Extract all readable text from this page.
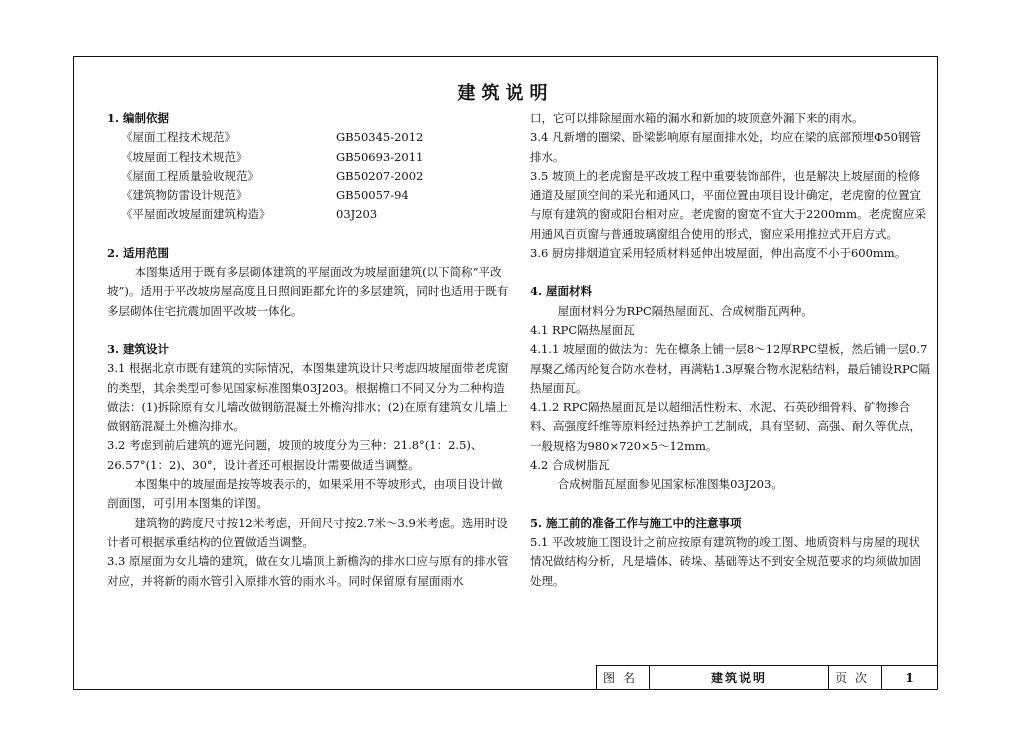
建筑说明

1. 编制依据

《屋面工程技术规范》	GB50345-2012
《坡屋面工程技术规范》	GB50693-2011
《屋面工程质量验收规范》	GB50207-2002
《建筑物防雷设计规范》	GB50057-94
《平屋面改坡屋面建筑构造》	03J203

2. 适用范围

本图集适用于既有多层砌体建筑的平屋面改为坡屋面建筑(以下简称“平改坡”)。适用于平改坡房屋高度且日照间距都允许的多层建筑，同时也适用于既有多层砌体住宅抗震加固平改坡一体化。

3. 建筑设计

3.1 根据北京市既有建筑的实际情况，本图集建筑设计只考虑四坡屋面带老虎窗的类型，其余类型可参见国家标准图集03J203。根据檐口不同又分为二种构造做法：(1)拆除原有女儿墙改做钢筋混凝土外檐沟排水；(2)在原有建筑女儿墙上做钢筋混凝土外檐沟排水。

3.2 考虑到前后建筑的遮光问题，坡顶的坡度分为三种：21.8°(1：2.5)、26.57°(1：2)、30°，设计者还可根据设计需要做适当调整。

本图集中的坡屋面是按等坡表示的，如果采用不等坡形式，由项目设计做剖面图，可引用本图集的详图。

建筑物的跨度尺寸按12米考虑，开间尺寸按2.7米～3.9米考虑。选用时设计者可根据承重结构的位置做适当调整。

3.3 原屋面为女儿墙的建筑，做在女儿墙顶上新檐沟的排水口应与原有的排水管对应，并将新的雨水管引入原排水管的雨水斗。同时保留原有屋面雨水

口，它可以排除屋面水箱的漏水和新加的坡顶意外漏下来的雨水。

3.4 凡新增的圈梁、卧梁影响原有屋面排水处，均应在梁的底部预埋Φ50钢管排水。

3.5 坡顶上的老虎窗是平改坡工程中重要装饰部件，也是解决上坡屋面的检修通道及屋顶空间的采光和通风口，平面位置由项目设计确定，老虎窗的位置宜与原有建筑的窗或阳台相对应。老虎窗的窗宽不宜大于2200mm。老虎窗应采用通风百页窗与普通玻璃窗组合使用的形式，窗应采用推拉式开启方式。

3.6 厨房排烟道宜采用轻质材料延伸出坡屋面，伸出高度不小于600mm。

4. 屋面材料

屋面材料分为RPC隔热屋面瓦、合成树脂瓦两种。

4.1 RPC隔热屋面瓦

4.1.1 坡屋面的做法为：先在檩条上铺一层8～12厚RPC望板，然后铺一层0.7厚聚乙烯丙纶复合防水卷材，再满粘1.3厚聚合物水泥粘结料，最后铺设RPC隔热屋面瓦。

4.1.2 RPC隔热屋面瓦是以超细活性粉末、水泥、石英砂细骨料、矿物掺合料、高强度纤维等原料经过热养护工艺制成，具有坚韧、高强、耐久等优点，一般规格为980×720×5～12mm。

4.2 合成树脂瓦

合成树脂瓦屋面参见国家标准图集03J203。

5. 施工前的准备工作与施工中的注意事项

5.1 平改坡施工图设计之前应按原有建筑物的竣工图、地质资料与房屋的现状情况做结构分析，凡是墙体、砖垛、基础等达不到安全规范要求的均须做加固处理。

图名	建筑说明	页次	1
